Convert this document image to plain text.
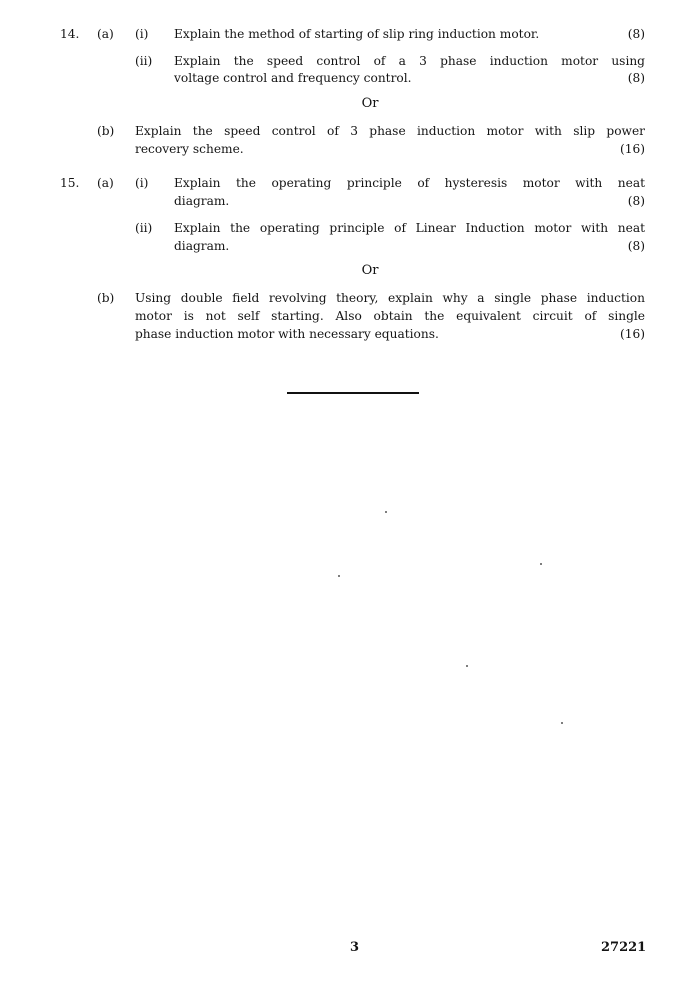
14. (a) (i) Explain the method of starting of slip ring induction motor.	(8)
(ii) Explain the speed control of a 3 phase induction motor using
voltage control and frequency control.	(8)
Or
(b) Explain the speed control of 3 phase induction motor with slip power
recovery scheme.	(16)
15. (a) (i) Explain the operating principle of hysteresis motor with neat
diagram.	(8)
(ii) Explain the operating principle of Linear Induction motor with neat
diagram.	(8)
Or
(b) Using double field revolving theory, explain why a single phase induction
motor is not self starting. Also obtain the equivalent circuit of single
phase induction motor with necessary equations.	(16)
3	27221
